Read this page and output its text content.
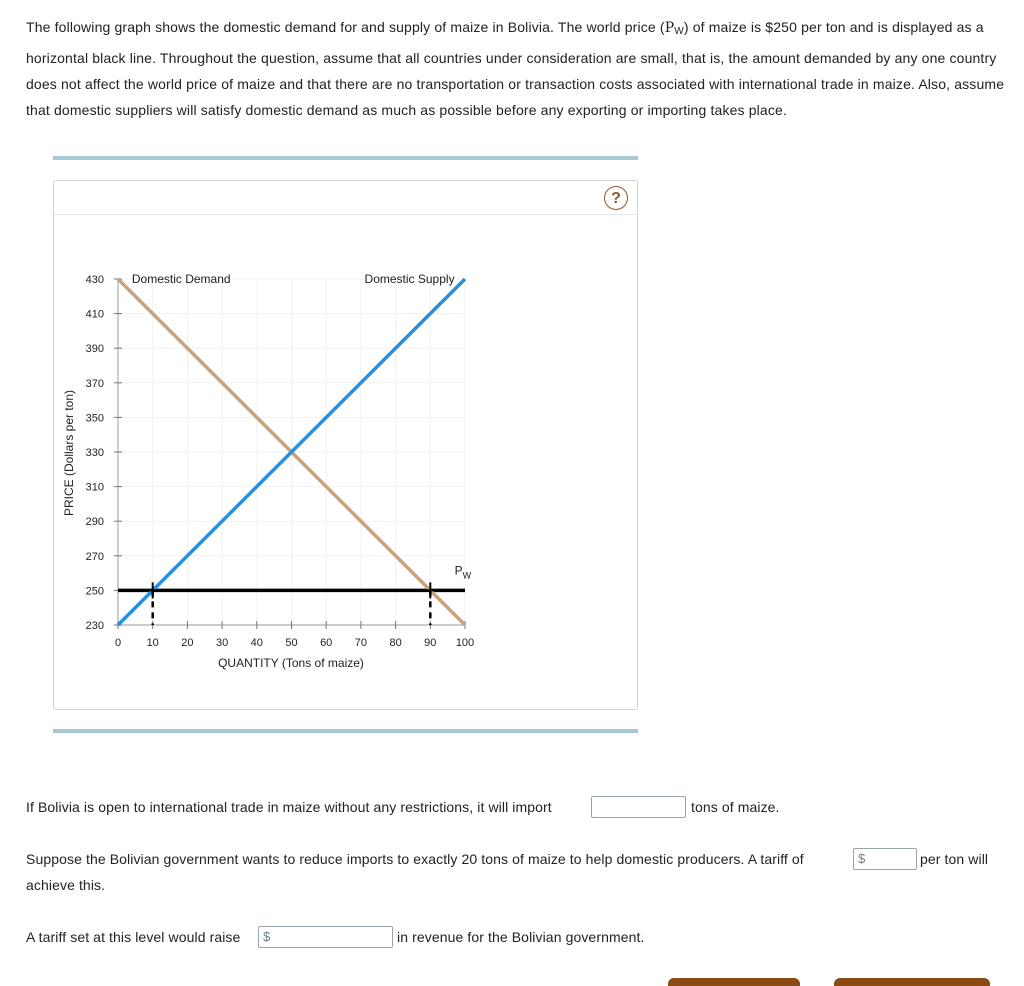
The following graph shows the domestic demand for and supply of maize in Bolivia. The world price (PW) of maize is $250 per ton and is displayed as a horizontal black line. Throughout the question, assume that all countries under consideration are small, that is, the amount demanded by any one country does not affect the world price of maize and that there are no transportation or transaction costs associated with international trade in maize. Also, assume that domestic suppliers will satisfy domestic demand as much as possible before any exporting or importing takes place.

?
230
250
270
290
310
330
350
370
390
410
430
0 10 20 30 40 50 60 70 80 90 100
Domestic Demand	Domestic Supply
$P_W$
PRICE (Dollars per ton)
QUANTITY (Tons of maize)
If Bolivia is open to international trade in maize without any restrictions, it will import	tons of maize.
Suppose the Bolivian government wants to reduce imports to exactly 20 tons of maize to help domestic producers. A tariff of	$	per ton will
achieve this.
A tariff set at this level would raise $	in revenue for the Bolivian government.
